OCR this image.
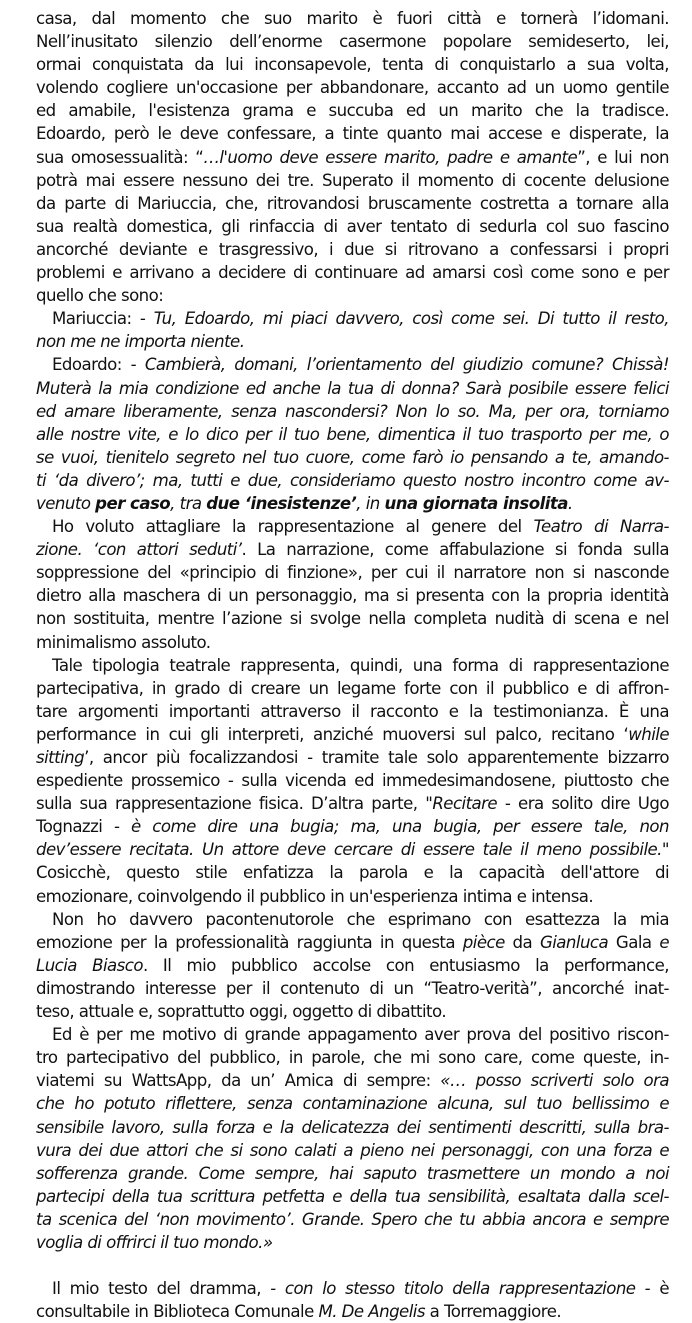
casa, dal momento che suo marito è fuori città e tornerà l’idomani.
Nell’inusitato silenzio dell’enorme casermone popolare semideserto, lei,
ormai conquistata da lui inconsapevole, tenta di conquistarlo a sua volta,
volendo cogliere un'occasione per abbandonare, accanto ad un uomo gentile
ed amabile, l'esistenza grama e succuba ed un marito che la tradisce.
Edoardo, però le deve confessare, a tinte quanto mai accese e disperate, la
sua omosessualità: “…l'uomo deve essere marito, padre e amante”, e lui non
potrà mai essere nessuno dei tre. Superato il momento di cocente delusione
da parte di Mariuccia, che, ritrovandosi bruscamente costretta a tornare alla
sua realtà domestica, gli rinfaccia di aver tentato di sedurla col suo fascino
ancorché deviante e trasgressivo, i due si ritrovano a confessarsi i propri
problemi e arrivano a decidere di continuare ad amarsi così come sono e per
quello che sono:
Mariuccia: - Tu, Edoardo, mi piaci davvero, così come sei. Di tutto il resto,
non me ne importa niente.
Edoardo: - Cambierà, domani, l’orientamento del giudizio comune? Chissà!
Muterà la mia condizione ed anche la tua di donna? Sarà posibile essere felici
ed amare liberamente, senza nascondersi? Non lo so. Ma, per ora, torniamo
alle nostre vite, e lo dico per il tuo bene, dimentica il tuo trasporto per me, o
se vuoi, tienitelo segreto nel tuo cuore, come farò io pensando a te, amando-
ti ‘da divero’; ma, tutti e due, consideriamo questo nostro incontro come av-
venuto per caso, tra due ‘inesistenze’, in una giornata insolita.
Ho voluto attagliare la rappresentazione al genere del Teatro di Narra-
zione. ‘con attori seduti’. La narrazione, come affabulazione si fonda sulla
soppressione del «principio di finzione», per cui il narratore non si nasconde
dietro alla maschera di un personaggio, ma si presenta con la propria identità
non sostituita, mentre l’azione si svolge nella completa nudità di scena e nel
minimalismo assoluto.
Tale tipologia teatrale rappresenta, quindi, una forma di rappresentazione
partecipativa, in grado di creare un legame forte con il pubblico e di affron-
tare argomenti importanti attraverso il racconto e la testimonianza. È una
performance in cui gli interpreti, anziché muoversi sul palco, recitano ‘while
sitting’, ancor più focalizzandosi - tramite tale solo apparentemente bizzarro
espediente prossemico - sulla vicenda ed immedesimandosene, piuttosto che
sulla sua rappresentazione fisica. D’altra parte, "Recitare - era solito dire Ugo
Tognazzi - è come dire una bugia; ma, una bugia, per essere tale, non
dev’essere recitata. Un attore deve cercare di essere tale il meno possibile."
Cosicchè, questo stile enfatizza la parola e la capacità dell'attore di
emozionare, coinvolgendo il pubblico in un'esperienza intima e intensa.
Non ho davvero pacontenutorole che esprimano con esattezza la mia
emozione per la professionalità raggiunta in questa pièce da Gianluca Gala e
Lucia Biasco. Il mio pubblico accolse con entusiasmo la performance,
dimostrando interesse per il contenuto di un “Teatro-verità”, ancorché inat-
teso, attuale e, soprattutto oggi, oggetto di dibattito.
Ed è per me motivo di grande appagamento aver prova del positivo riscon-
tro partecipativo del pubblico, in parole, che mi sono care, come queste, in-
viatemi su WattsApp, da un’ Amica di sempre: «… posso scriverti solo ora
che ho potuto riflettere, senza contaminazione alcuna, sul tuo bellissimo e
sensibile lavoro, sulla forza e la delicatezza dei sentimenti descritti, sulla bra-
vura dei due attori che si sono calati a pieno nei personaggi, con una forza e
sofferenza grande. Come sempre, hai saputo trasmettere un mondo a noi
partecipi della tua scrittura petfetta e della tua sensibilità, esaltata dalla scel-
ta scenica del ‘non movimento’. Grande. Spero che tu abbia ancora e sempre
voglia di offrirci il tuo mondo.»
Il mio testo del dramma, - con lo stesso titolo della rappresentazione - è
consultabile in Biblioteca Comunale M. De Angelis a Torremaggiore.
